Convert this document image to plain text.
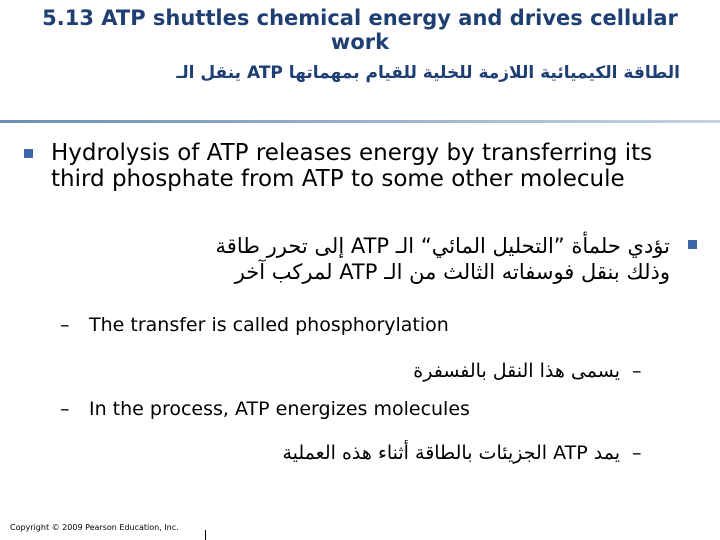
5.13 ATP shuttles chemical energy and drives cellular work
الطاقة الكيميائية اللازمة للخلية للقيام بمهماتها ATP ينقل الـ
Hydrolysis of ATP releases energy by transferring its third phosphate from ATP to some other molecule
تؤدي حلمأة ”التحليل المائي“ الـ ATP إلى تحرر طاقة
وذلك بنقل فوسفاته الثالث من الـ ATP لمركب آخر
– The transfer is called phosphorylation
–
يسمى هذا النقل بالفسفرة
– In the process, ATP energizes molecules
–
يمد ATP الجزيئات بالطاقة أثناء هذه العملية
Copyright © 2009 Pearson Education, Inc.
